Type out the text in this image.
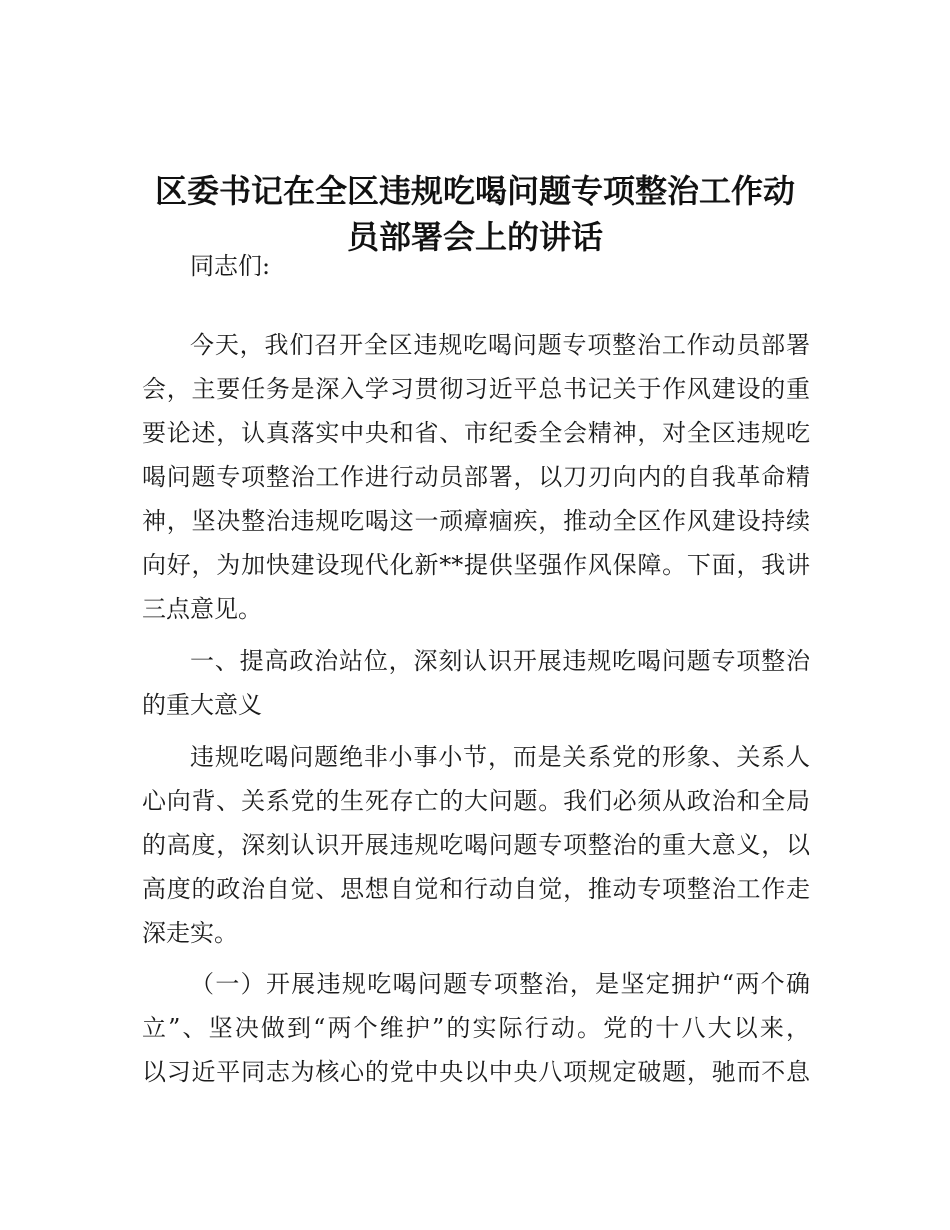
区委书记在全区违规吃喝问题专项整治工作动
员部署会上的讲话
同志们:
今天，我们召开全区违规吃喝问题专项整治工作动员部署
会，主要任务是深入学习贯彻习近平总书记关于作风建设的重
要论述，认真落实中央和省、市纪委全会精神，对全区违规吃
喝问题专项整治工作进行动员部署，以刀刃向内的自我革命精
神，坚决整治违规吃喝这一顽瘴痼疾，推动全区作风建设持续
向好，为加快建设现代化新**提供坚强作风保障。下面，我讲
三点意见。
一、提高政治站位，深刻认识开展违规吃喝问题专项整治
的重大意义
违规吃喝问题绝非小事小节，而是关系党的形象、关系人
心向背、关系党的生死存亡的大问题。我们必须从政治和全局
的高度，深刻认识开展违规吃喝问题专项整治的重大意义，以
高度的政治自觉、思想自觉和行动自觉，推动专项整治工作走
深走实。
（一）开展违规吃喝问题专项整治，是坚定拥护“两个确
立”、坚决做到“两个维护”的实际行动。党的十八大以来，
以习近平同志为核心的党中央以中央八项规定破题，驰而不息
